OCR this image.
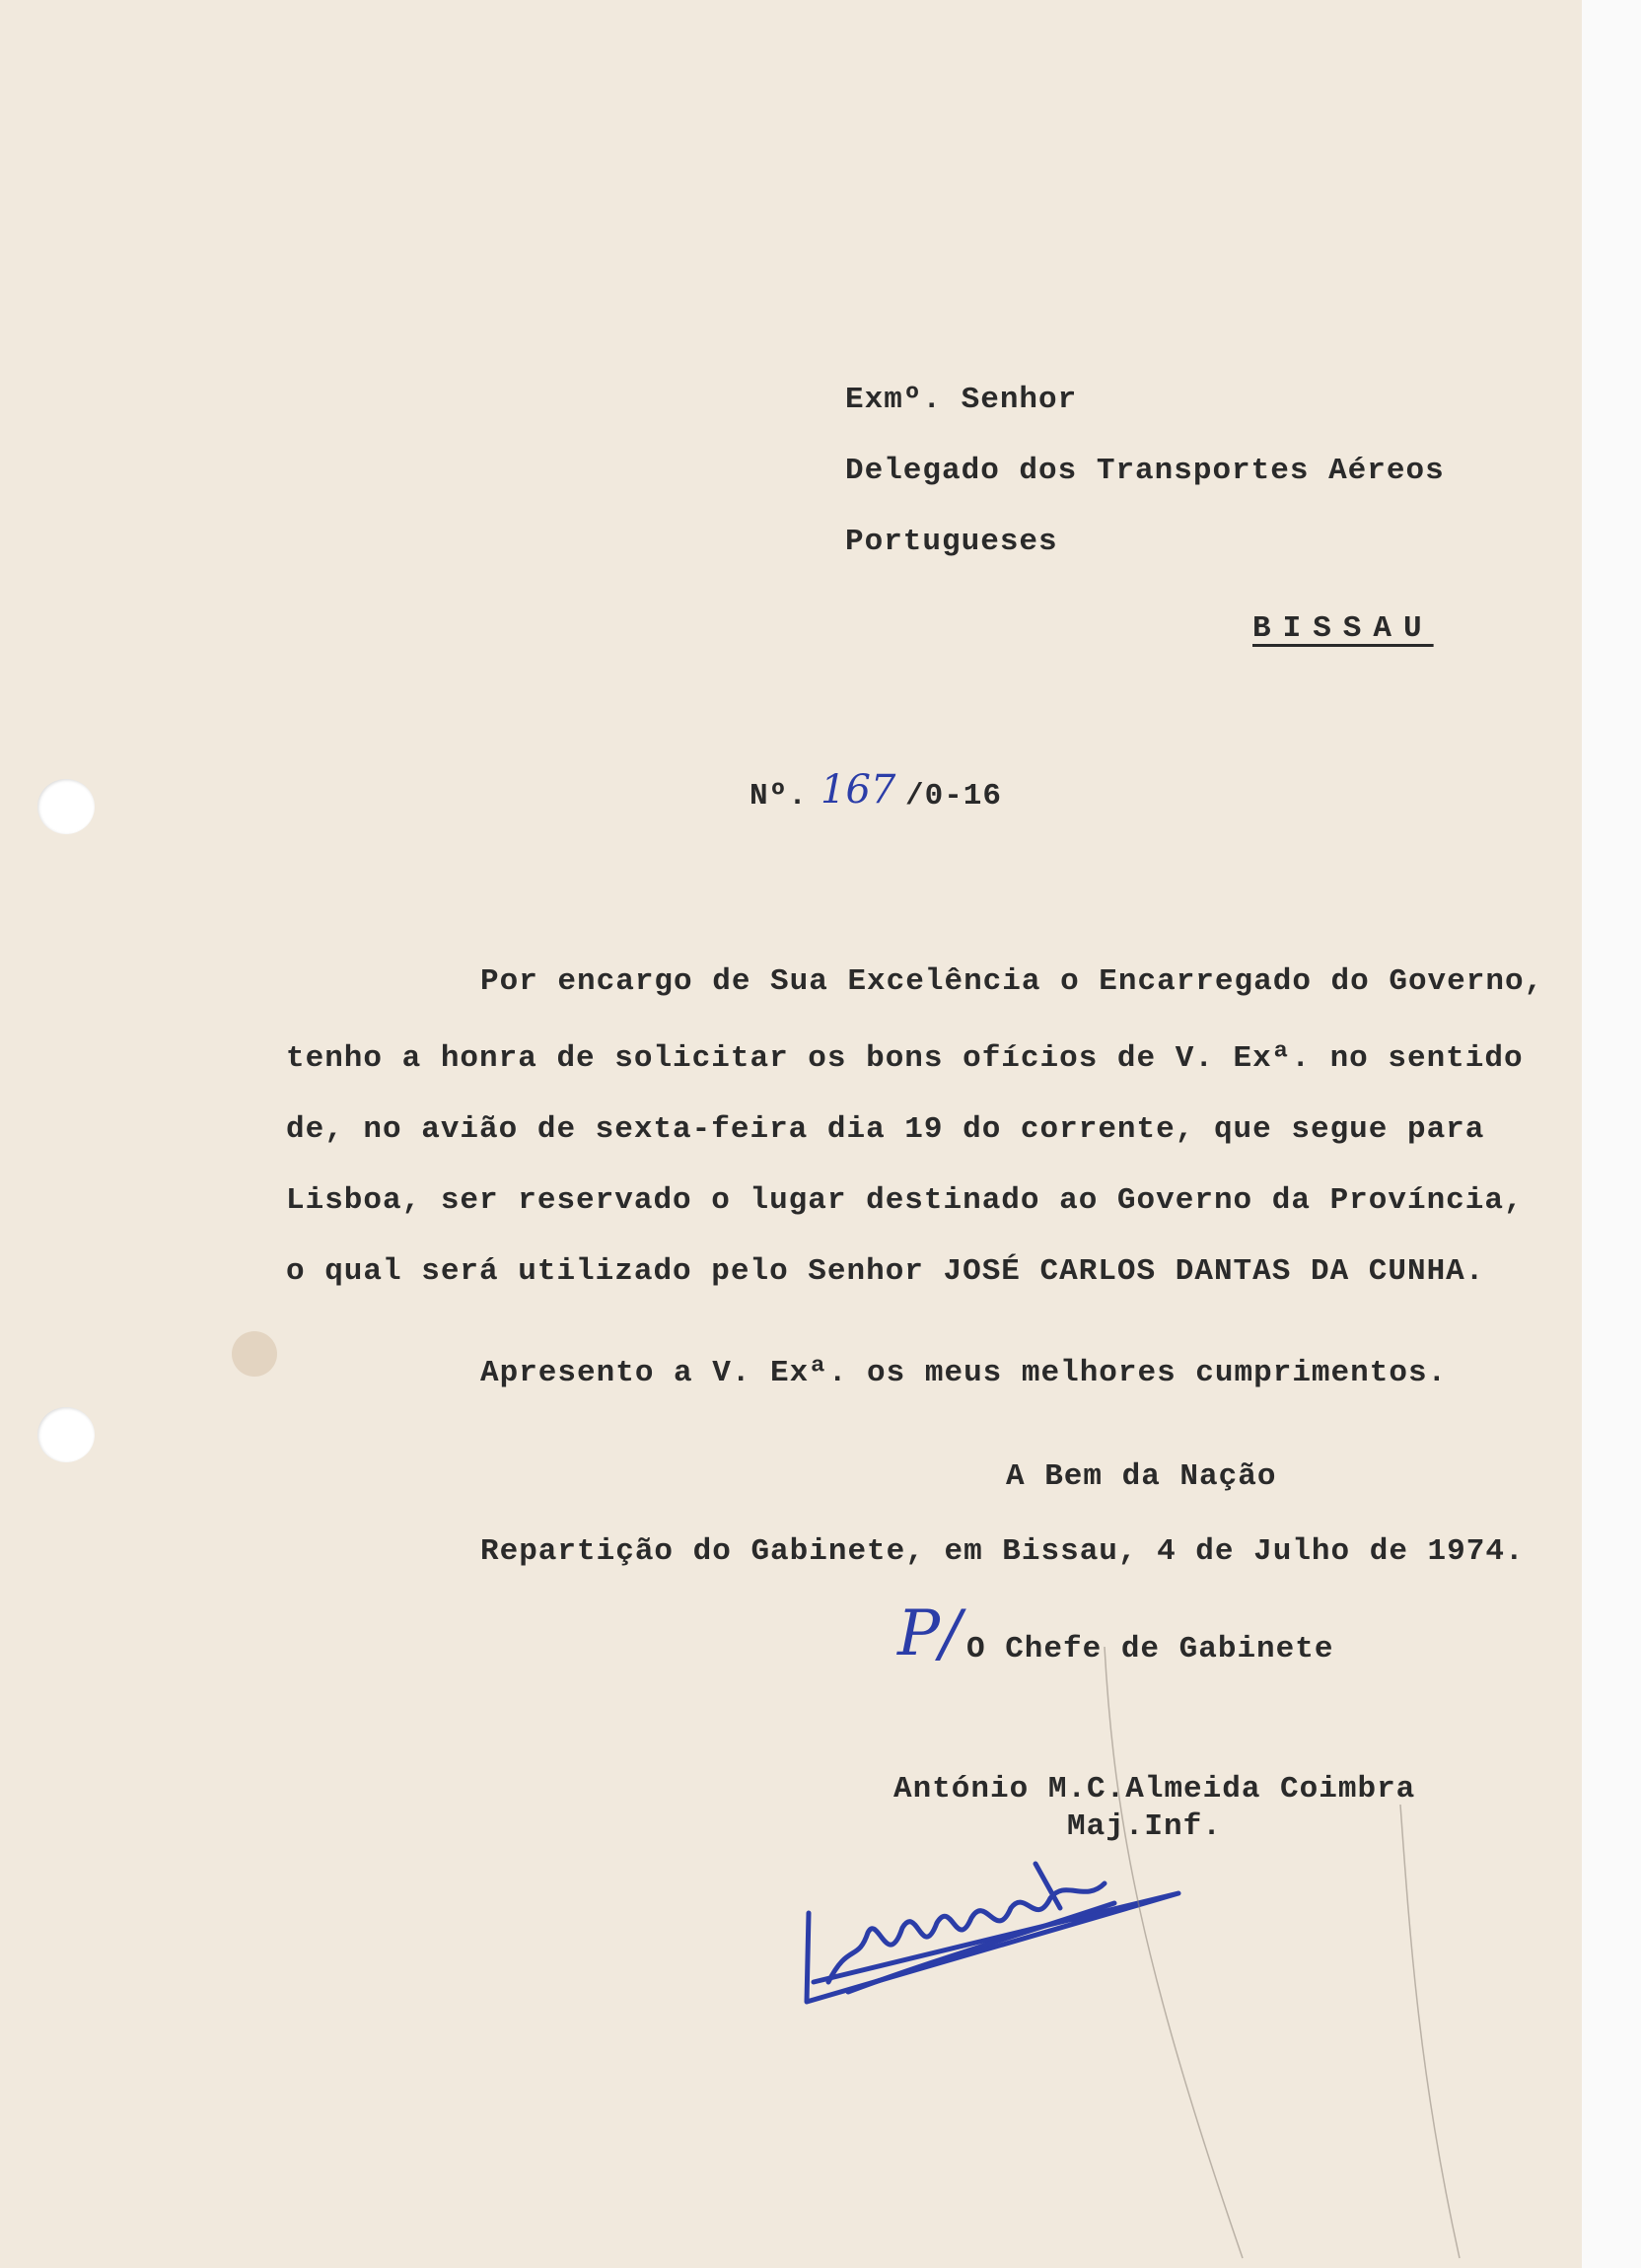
Exmº. Senhor

Delegado dos Transportes Aéreos

Portugueses

BISSAU

Nº. 167 /0-16

Por encargo de Sua Excelência o Encarregado do Governo,

tenho a honra de solicitar os bons ofícios de V. Exª. no sentido

de, no avião de sexta-feira dia 19 do corrente, que segue para

Lisboa, ser reservado o lugar destinado ao Governo da Província,

o qual será utilizado pelo Senhor JOSÉ CARLOS DANTAS DA CUNHA.

Apresento a V. Exª. os meus melhores cumprimentos.

A Bem da Nação

Repartição do Gabinete, em Bissau, 4 de Julho de 1974.

P/ O Chefe de Gabinete

António M.C.Almeida Coimbra

Maj.Inf.
